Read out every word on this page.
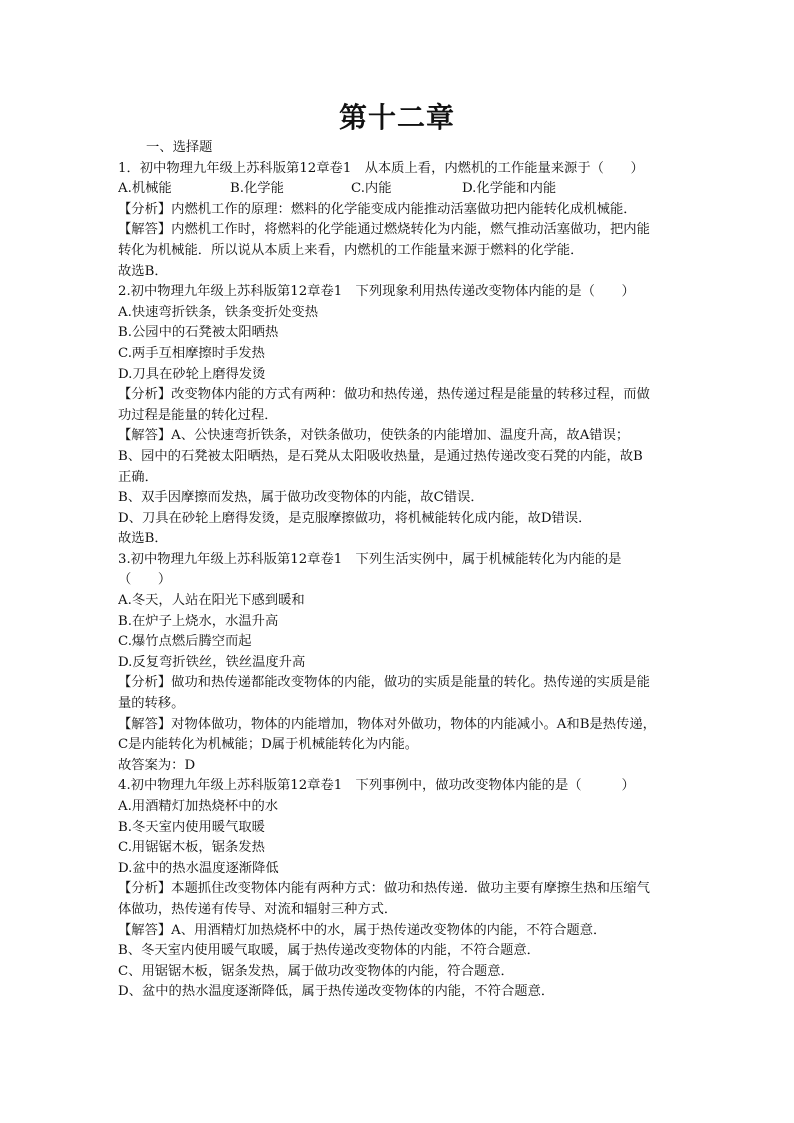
第十二章
一、选择题
1．初中物理九年级上苏科版第12章卷1　从本质上看，内燃机的工作能量来源于（　　）
A.机械能	B.化学能	C.内能	D.化学能和内能
【分析】内燃机工作的原理：燃料的化学能变成内能推动活塞做功把内能转化成机械能．
【解答】内燃机工作时，将燃料的化学能通过燃烧转化为内能，燃气推动活塞做功，把内能
转化为机械能．所以说从本质上来看，内燃机的工作能量来源于燃料的化学能．
故选B．
2.初中物理九年级上苏科版第12章卷1　下列现象利用热传递改变物体内能的是（　　）
A.快速弯折铁条，铁条变折处变热
B.公园中的石凳被太阳晒热
C.两手互相摩擦时手发热
D.刀具在砂轮上磨得发烫
【分析】改变物体内能的方式有两种：做功和热传递，热传递过程是能量的转移过程，而做
功过程是能量的转化过程．
【解答】A、公快速弯折铁条，对铁条做功，使铁条的内能增加、温度升高，故A错误；
B、园中的石凳被太阳晒热，是石凳从太阳吸收热量，是通过热传递改变石凳的内能，故B
正确．
B、双手因摩擦而发热，属于做功改变物体的内能，故C错误．
D、刀具在砂轮上磨得发烫，是克服摩擦做功，将机械能转化成内能，故D错误．
故选B．
3.初中物理九年级上苏科版第12章卷1　下列生活实例中，属于机械能转化为内能的是
（　　）
A.冬天，人站在阳光下感到暖和
B.在炉子上烧水，水温升高
C.爆竹点燃后腾空而起
D.反复弯折铁丝，铁丝温度升高
【分析】做功和热传递都能改变物体的内能，做功的实质是能量的转化。热传递的实质是能
量的转移。
【解答】对物体做功，物体的内能增加，物体对外做功，物体的内能减小。A和B是热传递，
C是内能转化为机械能；D属于机械能转化为内能。
故答案为：D
4.初中物理九年级上苏科版第12章卷1　下列事例中，做功改变物体内能的是（　　　）
A.用酒精灯加热烧杯中的水
B.冬天室内使用暖气取暖
C.用锯锯木板，锯条发热
D.盆中的热水温度逐渐降低
【分析】本题抓住改变物体内能有两种方式：做功和热传递．做功主要有摩擦生热和压缩气
体做功，热传递有传导、对流和辐射三种方式．
【解答】A、用酒精灯加热烧杯中的水，属于热传递改变物体的内能，不符合题意．
B、冬天室内使用暖气取暖，属于热传递改变物体的内能，不符合题意．
C、用锯锯木板，锯条发热，属于做功改变物体的内能，符合题意．
D、盆中的热水温度逐渐降低，属于热传递改变物体的内能，不符合题意．
